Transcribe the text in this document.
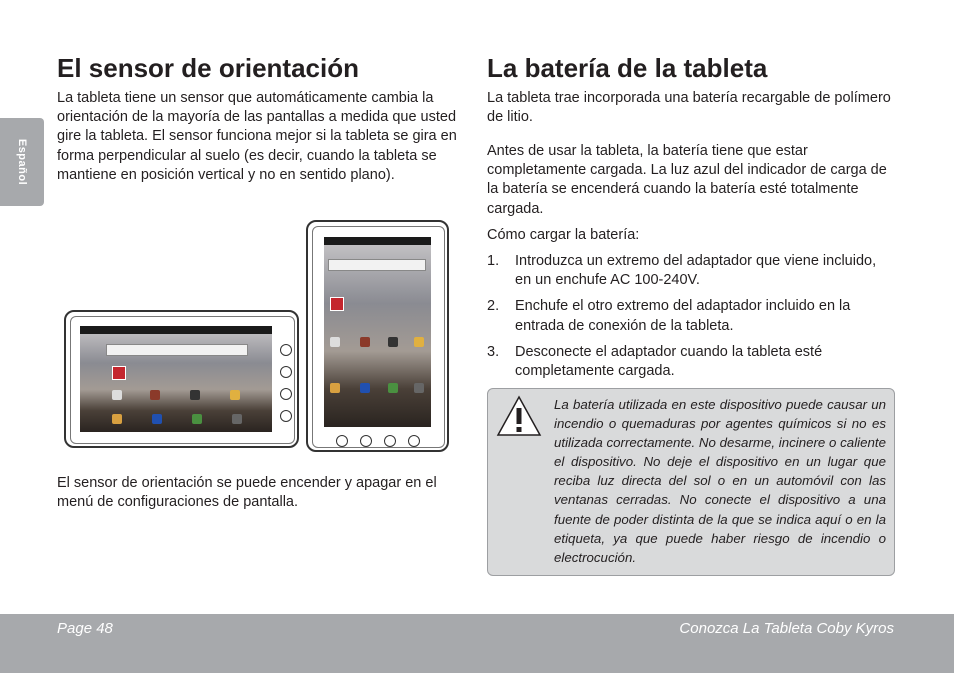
Español
El sensor de orientación

La tableta tiene un sensor que automáticamente cambia la orientación de la mayoría de las pantallas a medida que usted gire la tableta. El sensor funciona mejor si la tableta se gira en forma perpendicular al suelo (es decir, cuando la tableta se mantiene en posición vertical y no en sentido plano).

El sensor de orientación se puede encender y apagar en el menú de configuraciones de pantalla.

La batería de la tableta

La tableta trae incorporada una batería recargable de polímero de litio.

Antes de usar la tableta, la batería tiene que estar completamente cargada. La luz azul del indicador de carga de la batería se encenderá cuando la batería esté totalmente cargada.

Cómo cargar la batería:

1. Introduzca un extremo del adaptador que viene incluido, en un enchufe AC 100-240V.
2. Enchufe el otro extremo del adaptador incluido en la entrada de conexión de la tableta.
3. Desconecte el adaptador cuando la tableta esté completamente cargada.

La batería utilizada en este dispositivo puede causar un incendio o quemaduras por agentes químicos si no es utilizada correctamente. No desarme, incinere o caliente el dispositivo. No deje el dispositivo en un lugar que reciba luz directa del sol o en un automóvil con las ventanas cerradas. No conecte el dispositivo a una fuente de poder distinta de la que se indica aquí o en la etiqueta, ya que puede haber riesgo de incendio o electrocución.

Page 48	Conozca La Tableta Coby Kyros
